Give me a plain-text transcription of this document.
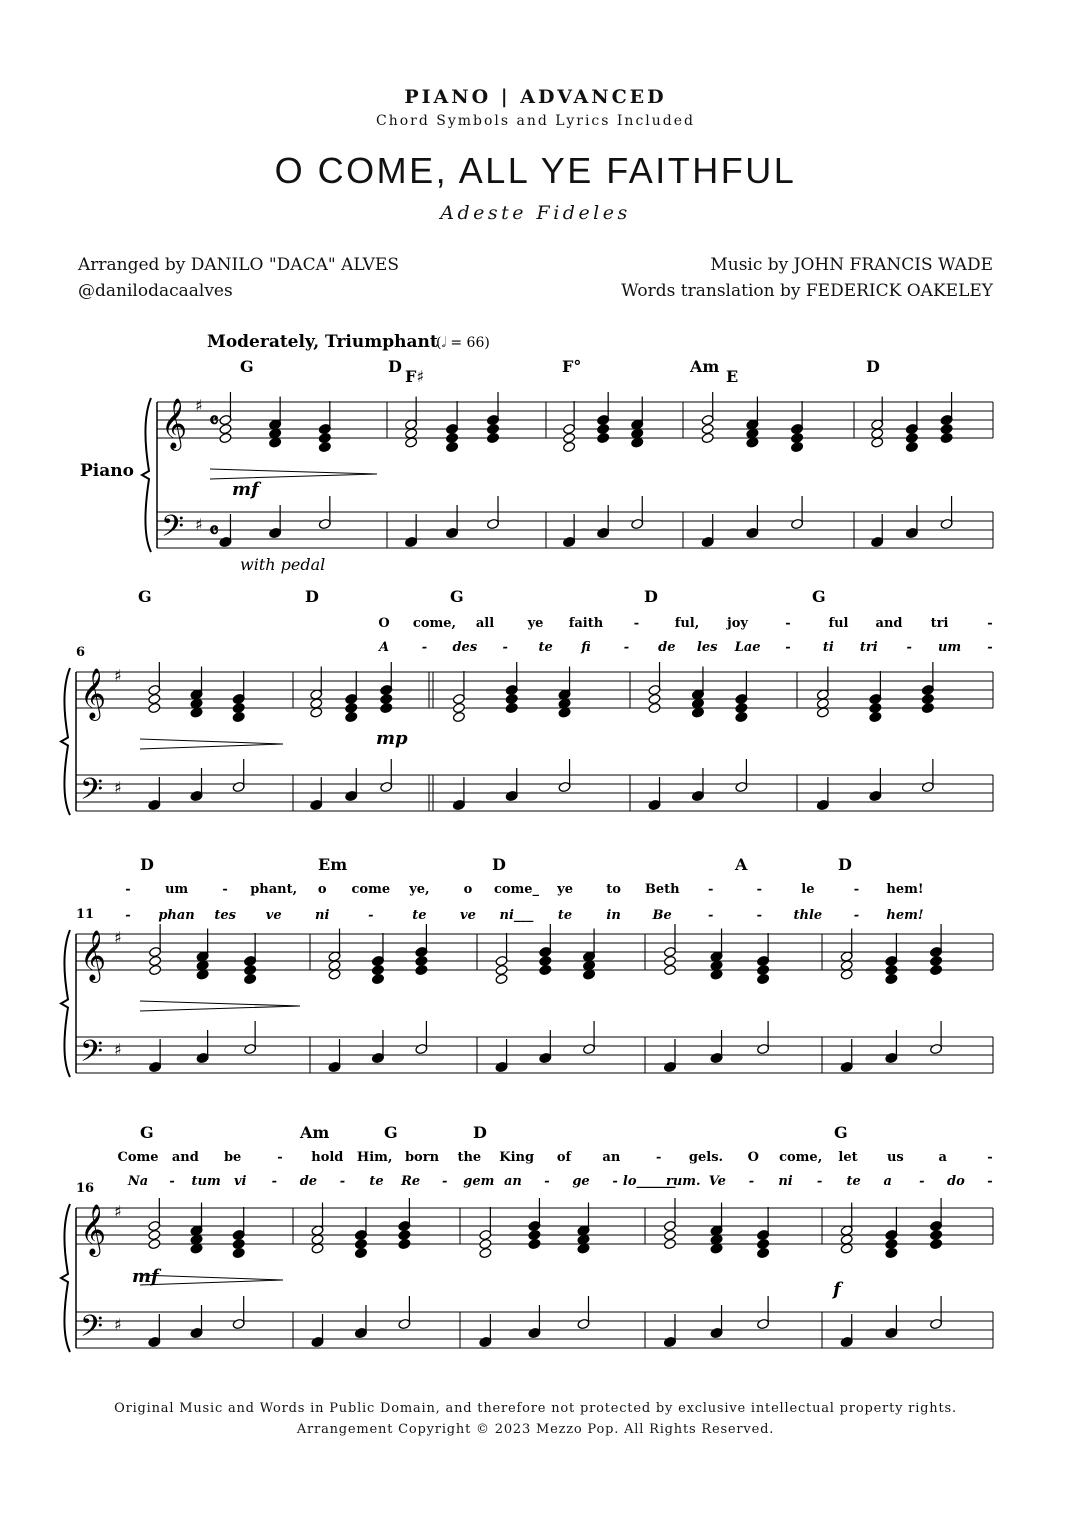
PIANO | ADVANCED
Chord Symbols and Lyrics Included
O COME, ALL YE FAITHFUL
Adeste Fideles
Arranged by DANILO "DACA" ALVES
@danilodacaalves
Music by JOHN FRANCIS WADE
Words translation by FEDERICK OAKELEY
Moderately, Triumphant
(𝅗𝅥 = 66)
Piano
with pedal
mf
mp
mf
f
6
11
16
G	D
F♯
F°	Am
E
D
G	D	G	D	G
D	Em	D	A	D
G	Am	G	D	G
O come, all	ye faith -	ful, joy	-	ful and tri	-
A	- des - te fi	- de les Lae - ti tri - um -
-	um	- phant, o come ye,	o come_ ye	to Beth -	-	le	- hem!
- phan tes ve	ni	-	te	ve ni___ te	in Be	-	- thle - hem!
Come and be	- hold Him, born the King of an	- gels. O come, let us	a	-
Na - tum vi - de - te Re - gem an - ge - lo______
rum. Ve - ni - te a - do -
𝄞 ♯
𝄴
𝄢 ♯ 𝄴
𝄞 ♯
𝄢 ♯
𝄞 ♯
𝄢 ♯
𝄞 ♯
𝄢 ♯
Original Music and Words in Public Domain, and therefore not protected by exclusive intellectual property rights.
Arrangement Copyright © 2023 Mezzo Pop. All Rights Reserved.
